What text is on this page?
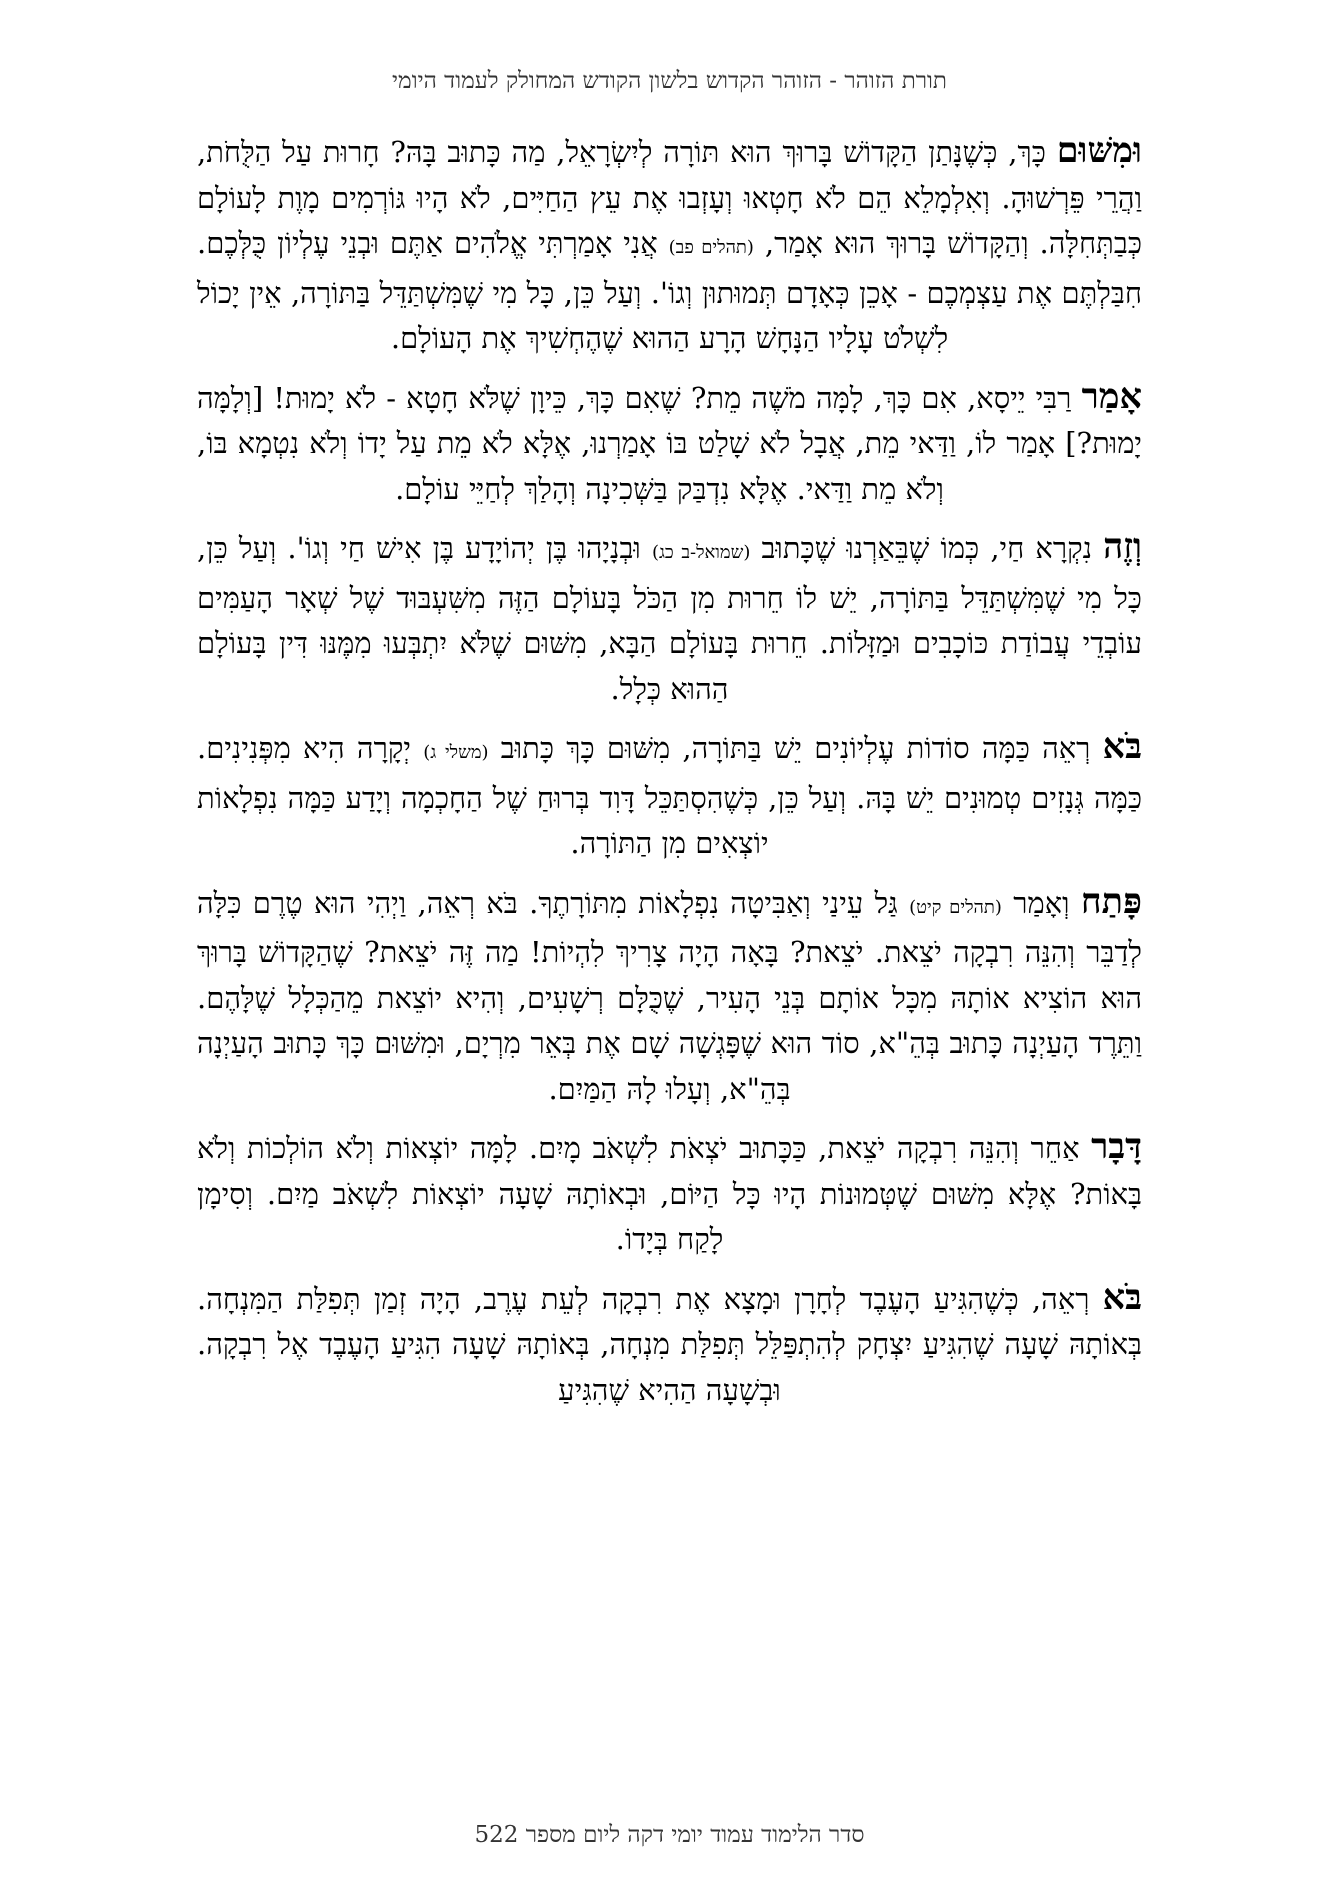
תורת הזוהר - הזוהר הקדוש בלשון הקודש המחולק לעמוד היומי

וּמִשּׁוּם כָּךְ, כְּשֶׁנָּתַן הַקָּדוֹשׁ בָּרוּךְ הוּא תּוֹרָה לְיִשְׂרָאֵל, מַה כָּתוּב בָּהּ? חָרוּת עַל הַלֻּחֹת, וַהֲרֵי פֵּרְשׁוּהָ. וְאִלְמָלֵא הֵם לֹא חָטְאוּ וְעָזְבוּ אֶת עֵץ הַחַיִּים, לֹא הָיוּ גּוֹרְמִים מָוֶת לָעוֹלָם כְּבַתְּחִלָּה. וְהַקָּדוֹשׁ בָּרוּךְ הוּא אָמַר, (תהלים פב) אֲנִי אָמַרְתִּי אֱלֹהִים אַתֶּם וּבְנֵי עֶלְיוֹן כֻּלְּכֶם. חִבַּלְתֶּם אֶת עַצְמְכֶם - אָכֵן כְּאָדָם תְּמוּתוּן וְגוֹ'. וְעַל כֵּן, כָּל מִי שֶׁמִּשְׁתַּדֵּל בַּתּוֹרָה, אֵין יָכוֹל לִשְׁלֹט עָלָיו הַנָּחָשׁ הָרָע הַהוּא שֶׁהֶחְשִׁיךְ אֶת הָעוֹלָם.

אָמַר רַבִּי יֵיסָא, אִם כָּךְ, לָמָּה מֹשֶׁה מֵת? שֶׁאִם כָּךְ, כֵּיוָן שֶׁלֹּא חָטָא - לֹא יָמוּת! [וְלָמָּה יָמוּת?] אָמַר לוֹ, וַדַּאי מֵת, אֲבָל לֹא שָׁלַט בּוֹ אָמַרְנוּ, אֶלָּא לֹא מֵת עַל יָדוֹ וְלֹא נִטְמָא בּוֹ, וְלֹא מֵת וַדַּאי. אֶלָּא נִדְבַּק בַּשְּׁכִינָה וְהָלַךְ לְחַיֵּי עוֹלָם.

וְזֶה נִקְרָא חַי, כְּמוֹ שֶׁבֵּאַרְנוּ שֶׁכָּתוּב (שמואל-ב כג) וּבְנָיָהוּ בֶּן יְהוֹיָדָע בֶּן אִישׁ חַי וְגוֹ'. וְעַל כֵּן, כָּל מִי שֶׁמִּשְׁתַּדֵּל בַּתּוֹרָה, יֵשׁ לוֹ חֵרוּת מִן הַכֹּל בָּעוֹלָם הַזֶּה מִשִּׁעְבּוּד שֶׁל שְׁאָר הָעַמִּים עוֹבְדֵי עֲבוֹדַת כּוֹכָבִים וּמַזָּלוֹת. חֵרוּת בָּעוֹלָם הַבָּא, מִשּׁוּם שֶׁלֹּא יִתְבְּעוּ מִמֶּנּוּ דִּין בָּעוֹלָם הַהוּא כְּלָל.

בֹּא רְאֵה כַּמָּה סוֹדוֹת עֶלְיוֹנִים יֵשׁ בַּתּוֹרָה, מִשּׁוּם כָּךְ כָּתוּב (משלי ג) יְקָרָה הִיא מִפְּנִינִים. כַּמָּה גְּנָזִים טְמוּנִים יֵשׁ בָּהּ. וְעַל כֵּן, כְּשֶׁהִסְתַּכֵּל דָּוִד בְּרוּחַ שֶׁל הַחָכְמָה וְיָדַע כַּמָּה נִפְלָאוֹת יוֹצְאִים מִן הַתּוֹרָה.

פָּתַח וְאָמַר (תהלים קיט) גַּל עֵינַי וְאַבִּיטָה נִפְלָאוֹת מִתּוֹרָתֶךָ. בֹּא רְאֵה, וַיְהִי הוּא טֶרֶם כִּלָּה לְדַבֵּר וְהִנֵּה רִבְקָה יֹצֵאת. יֹצֵאת? בָּאָה הָיָה צָרִיךְ לִהְיוֹת! מַה זֶּה יֹצֵאת? שֶׁהַקָּדוֹשׁ בָּרוּךְ הוּא הוֹצִיא אוֹתָהּ מִכָּל אוֹתָם בְּנֵי הָעִיר, שֶׁכֻּלָּם רְשָׁעִים, וְהִיא יוֹצֵאת מֵהַכְּלָל שֶׁלָּהֶם. וַתֵּרֶד הָעַיְנָה כָּתוּב בְּהֵ"א, סוֹד הוּא שֶׁפָּגְשָׁה שָׁם אֶת בְּאֵר מִרְיָם, וּמִשּׁוּם כָּךְ כָּתוּב הָעַיְנָה בְּהֵ"א, וְעָלוּ לָהּ הַמַּיִם.

דָּבָר אַחֵר וְהִנֵּה רִבְקָה יֹצֵאת, כַּכָּתוּב יֹצְאֹת לִשְׁאֹב מָיִם. לָמָּה יוֹצְאוֹת וְלֹא הוֹלְכוֹת וְלֹא בָּאוֹת? אֶלָּא מִשּׁוּם שֶׁטְּמוּנוֹת הָיוּ כָּל הַיּוֹם, וּבְאוֹתָהּ שָׁעָה יוֹצְאוֹת לִשְׁאֹב מַיִם. וְסִימָן לָקַח בְּיָדוֹ.

בֹּא רְאֵה, כְּשֶׁהִגִּיעַ הָעֶבֶד לְחָרָן וּמָצָא אֶת רִבְקָה לְעֵת עֶרֶב, הָיָה זְמַן תְּפִלַּת הַמִּנְחָה. בְּאוֹתָהּ שָׁעָה שֶׁהִגִּיעַ יִצְחָק לְהִתְפַּלֵּל תְּפִלַּת מִנְחָה, בְּאוֹתָהּ שָׁעָה הִגִּיעַ הָעֶבֶד אֶל רִבְקָה. וּבְשָׁעָה הַהִיא שֶׁהִגִּיעַ

סדר הלימוד עמוד יומי דקה ליום מספר 522
